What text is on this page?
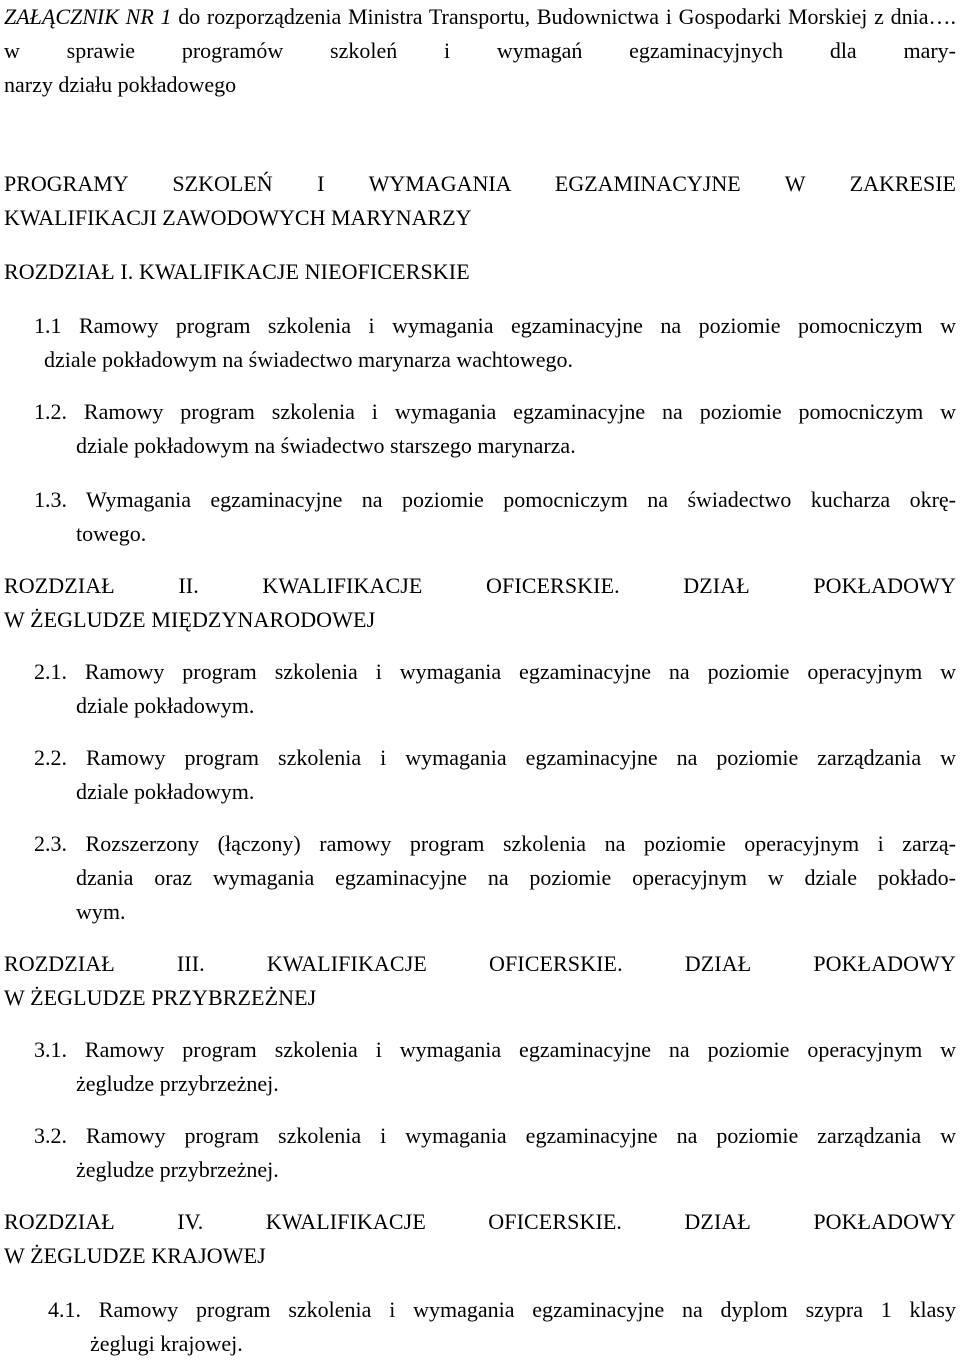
ZAŁĄCZNIK NR 1 do rozporządzenia Ministra Transportu, Budownictwa i Gospodarki Morskiej z dnia…. w sprawie programów szkoleń i wymagań egzaminacyjnych dla mary-
narzy działu pokładowego
PROGRAMY SZKOLEŃ I WYMAGANIA EGZAMINACYJNE W ZAKRESIE
KWALIFIKACJI ZAWODOWYCH MARYNARZY
ROZDZIAŁ I. KWALIFIKACJE NIEOFICERSKIE
1.1 Ramowy program szkolenia i wymagania egzaminacyjne na poziomie pomocniczym w
dziale pokładowym na świadectwo marynarza wachtowego.
1.2. Ramowy program szkolenia i wymagania egzaminacyjne na poziomie pomocniczym w
dziale pokładowym na świadectwo starszego marynarza.
1.3. Wymagania egzaminacyjne na poziomie pomocniczym na świadectwo kucharza okrę-
towego.
ROZDZIAŁ II. KWALIFIKACJE OFICERSKIE. DZIAŁ POKŁADOWY
W ŻEGLUDZE MIĘDZYNARODOWEJ
2.1. Ramowy program szkolenia i wymagania egzaminacyjne na poziomie operacyjnym w
dziale pokładowym.
2.2. Ramowy program szkolenia i wymagania egzaminacyjne na poziomie zarządzania w
dziale pokładowym.
2.3. Rozszerzony (łączony) ramowy program szkolenia na poziomie operacyjnym i zarzą-
dzania oraz wymagania egzaminacyjne na poziomie operacyjnym w dziale pokłado-
wym.
ROZDZIAŁ III. KWALIFIKACJE OFICERSKIE. DZIAŁ POKŁADOWY
W ŻEGLUDZE PRZYBRZEŻNEJ
3.1. Ramowy program szkolenia i wymagania egzaminacyjne na poziomie operacyjnym w
żegludze przybrzeżnej.
3.2. Ramowy program szkolenia i wymagania egzaminacyjne na poziomie zarządzania w
żegludze przybrzeżnej.
ROZDZIAŁ IV. KWALIFIKACJE OFICERSKIE. DZIAŁ POKŁADOWY
W ŻEGLUDZE KRAJOWEJ
4.1. Ramowy program szkolenia i wymagania egzaminacyjne na dyplom szypra 1 klasy
żeglugi krajowej.
